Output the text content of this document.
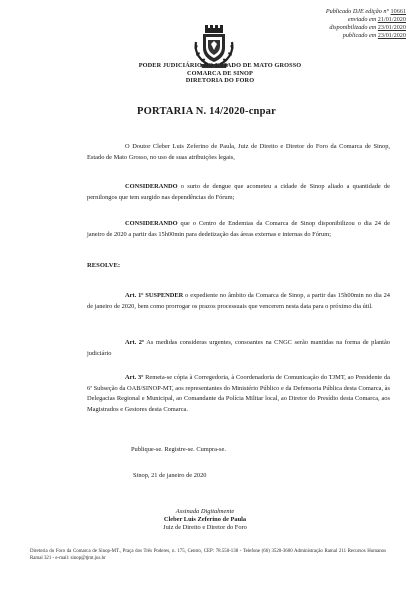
Publicado DJE edição n° 10661
enviado em 21/01/2020
disponibilizado em 23/01/2020
publicado em 23/01/2020
PODER JUDICIÁRIO DO ESTADO DE MATO GROSSO
COMARCA DE SINOP
DIRETORIA DO FORO
PORTARIA N. 14/2020-cnpar
O Doutor Cleber Luis Zeferino de Paula, Juiz de Direito e Diretor do Foro da Comarca de Sinop, Estado de Mato Grosso, no uso de suas atribuições legais,
CONSIDERANDO o surto de dengue que acometeu a cidade de Sinop aliado a quantidade de pernilongos que tem surgido nas dependências do Fórum;
CONSIDERANDO que o Centro de Endemias da Comarca de Sinop disponibilizou o dia 24 de janeiro de 2020 a partir das 15h00min para dedetização das áreas externas e internas do Fórum;
RESOLVE:
Art. 1º SUSPENDER o expediente no âmbito da Comarca de Sinop, a partir das 15h00min no dia 24 de janeiro de 2020, bem como prorrogar os prazos processuais que vencerem nesta data para o próximo dia útil.
Art. 2º As medidas consideras urgentes, consoantes na CNGC serão mantidas na forma de plantão judiciário
Art. 3º Remeta-se cópia à Corregedoria, à Coordenadoria de Comunicação do TJMT, ao Presidente da 6ª Subseção da OAB/SINOP-MT, aos representantes do Ministério Público e da Defensoria Pública desta Comarca, às Delegacias Regional e Municipal, ao Comandante da Polícia Militar local, ao Diretor do Presídio desta Comarca, aos Magistrados e Gestores desta Comarca.
Publique-se. Registre-se. Cumpra-se.
Sinop, 21 de janeiro de 2020
Assinada Digitalmente
Cleber Luis Zeferino de Paula
Juiz de Direito e Diretor do Foro
Diretoria do Foro da Comarca de Sinop-MT., Praça dos Três Poderes, n. 175, Centro, CEP: 78.550-138 - Telefone (66) 3520-3600 Administração Ramal 211 Recursos Humanos Ramal 321 - e-mail: sinop@tjmt.jus.br
